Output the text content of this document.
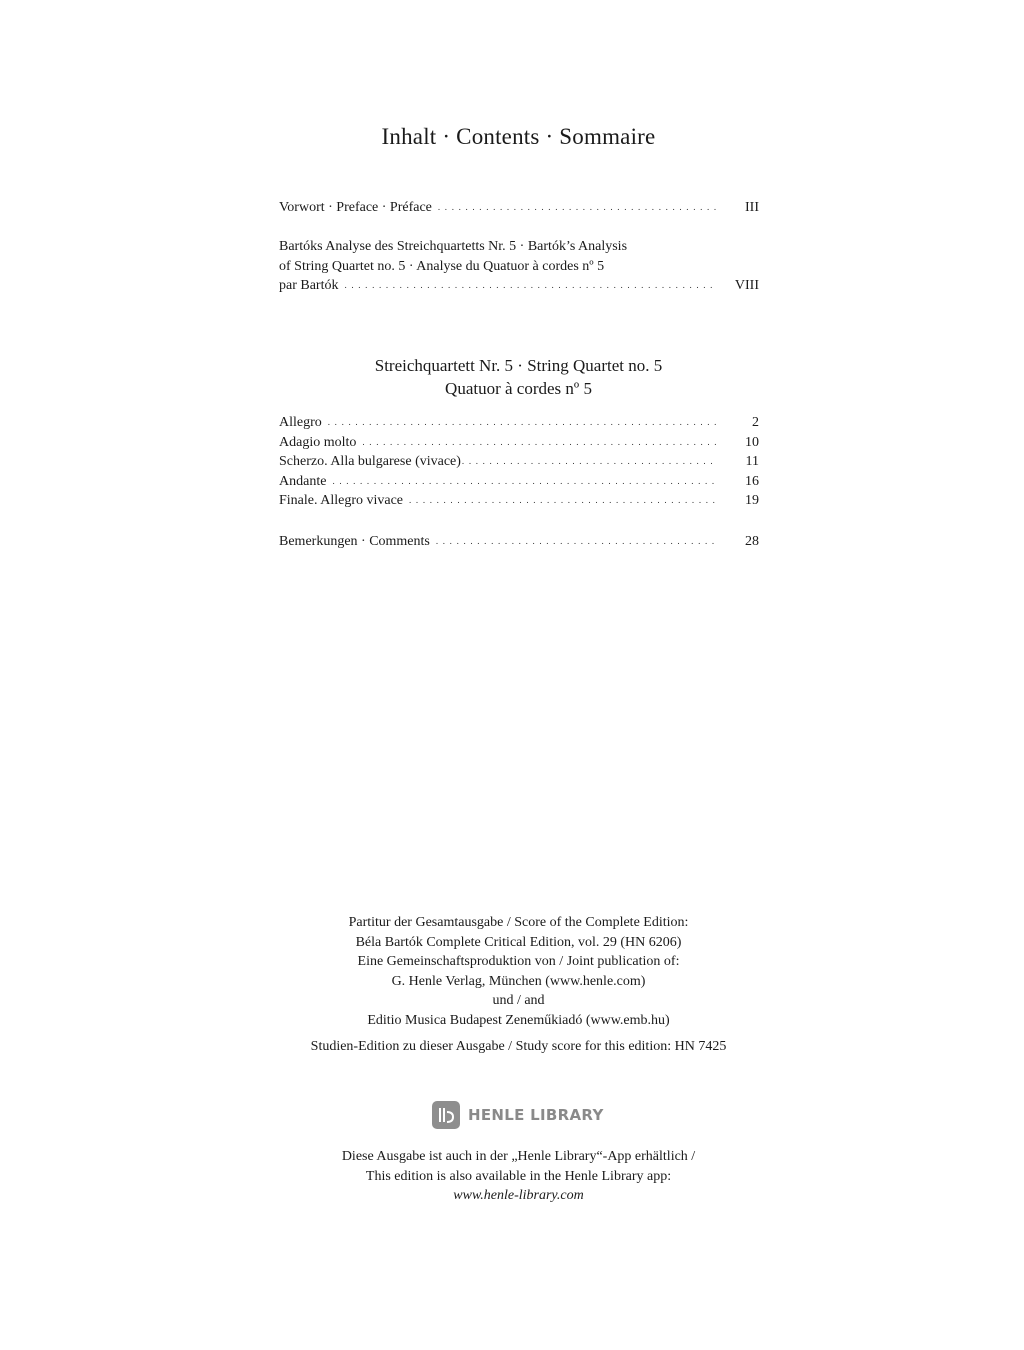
Inhalt · Contents · Sommaire
Vorwort · Preface · Préface . . .	III
Bartóks Analyse des Streichquartetts Nr. 5 · Bartók’s Analysis
of String Quartet no. 5 · Analyse du Quatuor à cordes nº 5
par Bartók . . .	VIII
Streichquartett Nr. 5 · String Quartet no. 5
Quatuor à cordes nº 5
Allegro . . .	2
Adagio molto . . .	10
Scherzo. Alla bulgarese (vivace) . . .	11
Andante . . .	16
Finale. Allegro vivace . . .	19
Bemerkungen · Comments . . .	28
Partitur der Gesamtausgabe / Score of the Complete Edition:
Béla Bartók Complete Critical Edition, vol. 29 (HN 6206)
Eine Gemeinschaftsproduktion von / Joint publication of:
G. Henle Verlag, München (www.henle.com)
und / and
Editio Musica Budapest Zeneműkiadó (www.emb.hu)
Studien-Edition zu dieser Ausgabe / Study score for this edition: HN 7425
HENLE LIBRARY
Diese Ausgabe ist auch in der „Henle Library“-App erhältlich /
This edition is also available in the Henle Library app:
www.henle-library.com
